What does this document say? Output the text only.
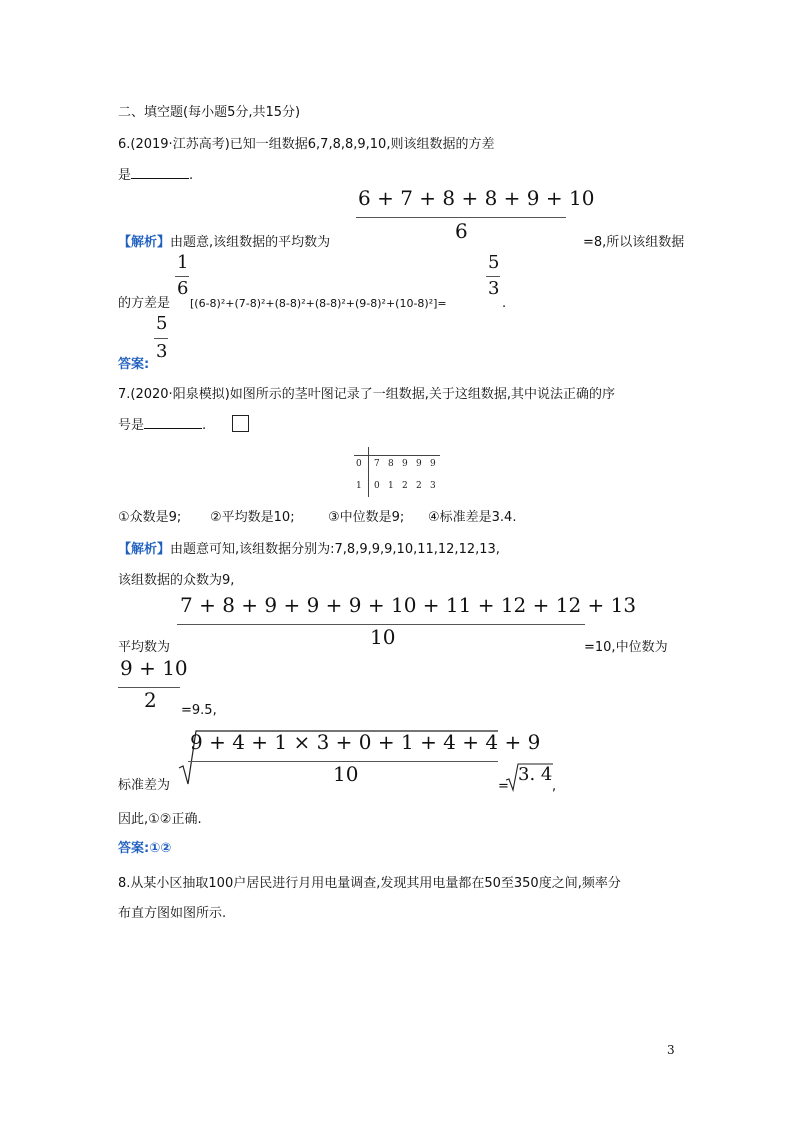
二、填空题(每小题5分,共15分)
6.(2019·江苏高考)已知一组数据6,7,8,8,9,10,则该组数据的方差
是	.
6 + 7 + 8 + 8 + 9 + 10
6
【解析】由题意,该组数据的平均数为	=8,所以该组数据
1
6
5
3
的方差是 [(6-8)²+(7-8)²+(8-8)²+(8-8)²+(9-8)²+(10-8)²]=	.
5
3
答案:
7.(2020·阳泉模拟)如图所示的茎叶图记录了一组数据,关于这组数据,其中说法正确的序
号是	.
0 7 8 9 9 9
1 0 1 2 2 3
①众数是9; ②平均数是10;	③中位数是9; ④标准差是3.4.
【解析】由题意可知,该组数据分别为:7,8,9,9,9,10,11,12,12,13,
该组数据的众数为9,
7 + 8 + 9 + 9 + 9 + 10 + 11 + 12 + 12 + 13
10
平均数为	=10,中位数为
9 + 10
2 =9.5,
9 + 4 + 1 × 3 + 0 + 1 + 4 + 4 + 9
10
标准差为	=
3. 4
,
因此,①②正确.
答案:①②
8.从某小区抽取100户居民进行月用电量调查,发现其用电量都在50至350度之间,频率分
布直方图如图所示.
3
